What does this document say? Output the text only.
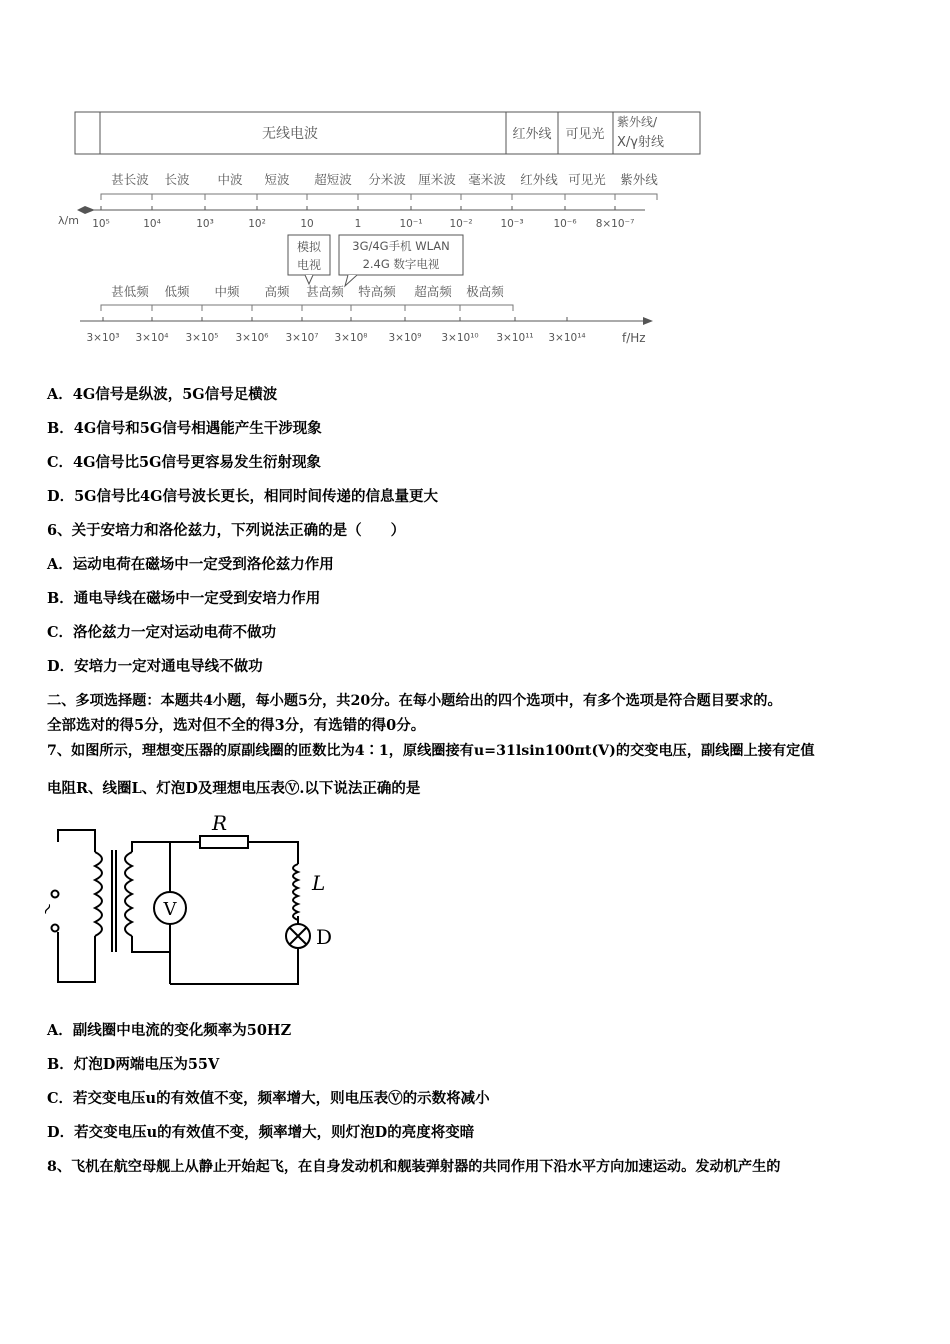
无线电波	红外线 可见光
紫外线/
X/γ射线
甚长波 长波 中波 短波 超短波 分米波 厘米波 毫米波 红外线 可见光 紫外线
λ/m 10⁵	10⁴	10³	10²	10	1	10⁻¹	10⁻²	10⁻³	10⁻⁶ 8×10⁻⁷
模拟
电视
3G/4G手机 WLAN
2.4G 数字电视
甚低频 低频 中频 高频 甚高频 特高频 超高频 极高频
3×10³ 3×10⁴ 3×10⁵ 3×10⁶ 3×10⁷ 3×10⁸ 3×10⁹ 3×10¹⁰ 3×10¹¹ 3×10¹⁴	f/Hz
A．4G信号是纵波，5G信号足横波
B．4G信号和5G信号相遇能产生干涉现象
C．4G信号比5G信号更容易发生衍射现象
D．5G信号比4G信号波长更长，相同时间传递的信息量更大
6、关于安培力和洛伦兹力，下列说法正确的是（　　）
A．运动电荷在磁场中一定受到洛伦兹力作用
B．通电导线在磁场中一定受到安培力作用
C．洛伦兹力一定对运动电荷不做功
D．安培力一定对通电导线不做功
二、多项选择题：本题共4小题，每小题5分，共20分。在每小题给出的四个选项中，有多个选项是符合题目要求的。
全部选对的得5分，选对但不全的得3分，有选错的得0分。
7、如图所示，理想变压器的原副线圈的匝数比为4∶1，原线圈接有u=31lsin100πt(V)的交变电压，副线圈上接有定值
电阻R、线圈L、灯泡D及理想电压表Ⓥ.以下说法正确的是
R
L
D
V
~
A．副线圈中电流的变化频率为50HZ
B．灯泡D两端电压为55V
C．若交变电压u的有效值不变，频率增大，则电压表Ⓥ的示数将减小
D．若交变电压u的有效值不变，频率增大，则灯泡D的亮度将变暗
8、飞机在航空母舰上从静止开始起飞，在自身发动机和舰装弹射器的共同作用下沿水平方向加速运动。发动机产生的
